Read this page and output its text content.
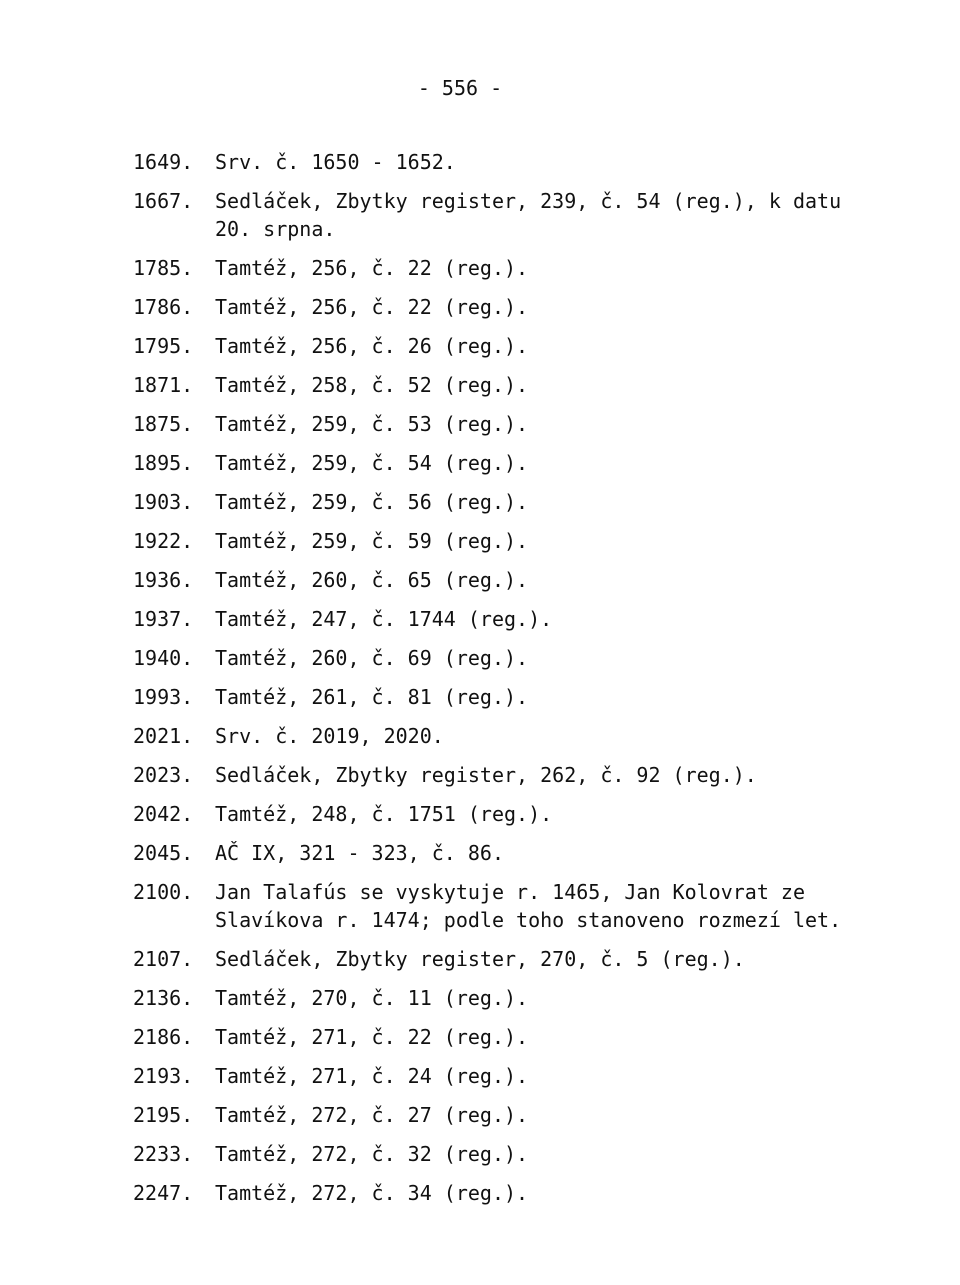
- 556 -
1649.	Srv. č. 1650 - 1652.
1667.	Sedláček, Zbytky register, 239, č. 54 (reg.), k datu
20. srpna.
1785.	Tamtéž, 256, č. 22 (reg.).
1786.	Tamtéž, 256, č. 22 (reg.).
1795.	Tamtéž, 256, č. 26 (reg.).
1871.	Tamtéž, 258, č. 52 (reg.).
1875.	Tamtéž, 259, č. 53 (reg.).
1895.	Tamtéž, 259, č. 54 (reg.).
1903.	Tamtéž, 259, č. 56 (reg.).
1922.	Tamtéž, 259, č. 59 (reg.).
1936.	Tamtéž, 260, č. 65 (reg.).
1937.	Tamtéž, 247, č. 1744 (reg.).
1940.	Tamtéž, 260, č. 69 (reg.).
1993.	Tamtéž, 261, č. 81 (reg.).
2021.	Srv. č. 2019, 2020.
2023.	Sedláček, Zbytky register, 262, č. 92 (reg.).
2042.	Tamtéž, 248, č. 1751 (reg.).
2045.	AČ IX, 321 - 323, č. 86.
2100.	Jan Talafús se vyskytuje r. 1465, Jan Kolovrat ze
Slavíkova r. 1474; podle toho stanoveno rozmezí let.
2107.	Sedláček, Zbytky register, 270, č. 5 (reg.).
2136.	Tamtéž, 270, č. 11 (reg.).
2186.	Tamtéž, 271, č. 22 (reg.).
2193.	Tamtéž, 271, č. 24 (reg.).
2195.	Tamtéž, 272, č. 27 (reg.).
2233.	Tamtéž, 272, č. 32 (reg.).
2247.	Tamtéž, 272, č. 34 (reg.).
